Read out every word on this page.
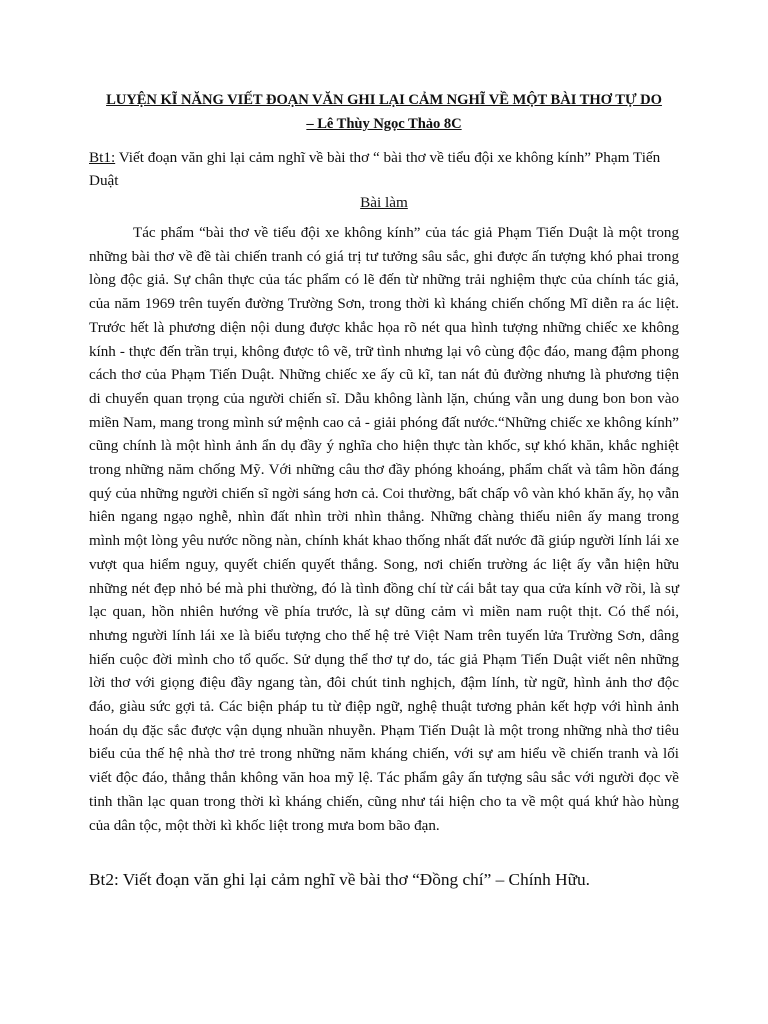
LUYỆN KĨ NĂNG VIẾT ĐOẠN VĂN GHI LẠI CẢM NGHĨ VỀ MỘT BÀI THƠ TỰ DO

– Lê Thùy Ngọc Thảo 8C

Bt1: Viết đoạn văn ghi lại cảm nghĩ về bài thơ “ bài thơ về tiểu đội xe không kính” Phạm Tiến Duật

Bài làm

Tác phẩm “bài thơ về tiểu đội xe không kính” của tác giả Phạm Tiến Duật là một trong những bài thơ về đề tài chiến tranh có giá trị tư tưởng sâu sắc, ghi được ấn tượng khó phai trong lòng độc giả. Sự chân thực của tác phẩm có lẽ đến từ những trải nghiệm thực của chính tác giả, của năm 1969 trên tuyến đường Trường Sơn, trong thời kì kháng chiến chống Mĩ diễn ra ác liệt. Trước hết là phương diện nội dung được khắc họa rõ nét qua hình tượng những chiếc xe không kính - thực đến trần trụi, không được tô vẽ, trữ tình nhưng lại vô cùng độc đáo, mang đậm phong cách thơ của Phạm Tiến Duật. Những chiếc xe ấy cũ kĩ, tan nát đủ đường nhưng là phương tiện di chuyển quan trọng của người chiến sĩ. Dẫu không lành lặn, chúng vẫn ung dung bon bon vào miền Nam, mang trong mình sứ mệnh cao cả - giải phóng đất nước.“Những chiếc xe không kính” cũng chính là một hình ảnh ẩn dụ đầy ý nghĩa cho hiện thực tàn khốc, sự khó khăn, khắc nghiệt trong những năm chống Mỹ. Với những câu thơ đầy phóng khoáng, phẩm chất và tâm hồn đáng quý của những người chiến sĩ ngời sáng hơn cả. Coi thường, bất chấp vô vàn khó khăn ấy, họ vẫn hiên ngang ngạo nghễ, nhìn đất nhìn trời nhìn thẳng. Những chàng thiếu niên ấy mang trong mình một lòng yêu nước nồng nàn, chính khát khao thống nhất đất nước đã giúp người lính lái xe vượt qua hiểm nguy, quyết chiến quyết thắng. Song, nơi chiến trường ác liệt ấy vẫn hiện hữu những nét đẹp nhỏ bé mà phi thường, đó là tình đồng chí từ cái bắt tay qua cửa kính vỡ rồi, là sự lạc quan, hồn nhiên hướng về phía trước, là sự dũng cảm vì miền nam ruột thịt. Có thể nói, nhưng người lính lái xe là biểu tượng cho thế hệ trẻ Việt Nam trên tuyến lửa Trường Sơn, dâng hiến cuộc đời mình cho tổ quốc. Sử dụng thể thơ tự do, tác giả Phạm Tiến Duật viết nên những lời thơ với giọng điệu đầy ngang tàn, đôi chút tinh nghịch, đậm lính, từ ngữ, hình ảnh thơ độc đáo, giàu sức gợi tả. Các biện pháp tu từ điệp ngữ, nghệ thuật tương phản kết hợp với hình ảnh hoán dụ đặc sắc được vận dụng nhuần nhuyễn. Phạm Tiến Duật là một trong những nhà thơ tiêu biểu của thế hệ nhà thơ trẻ trong những năm kháng chiến, với sự am hiểu về chiến tranh và lối viết độc đáo, thẳng thắn không văn hoa mỹ lệ. Tác phẩm gây ấn tượng sâu sắc với người đọc về tinh thần lạc quan trong thời kì kháng chiến, cũng như tái hiện cho ta về một quá khứ hào hùng của dân tộc, một thời kì khốc liệt trong mưa bom bão đạn.

Bt2: Viết đoạn văn ghi lại cảm nghĩ về bài thơ “Đồng chí” – Chính Hữu.
